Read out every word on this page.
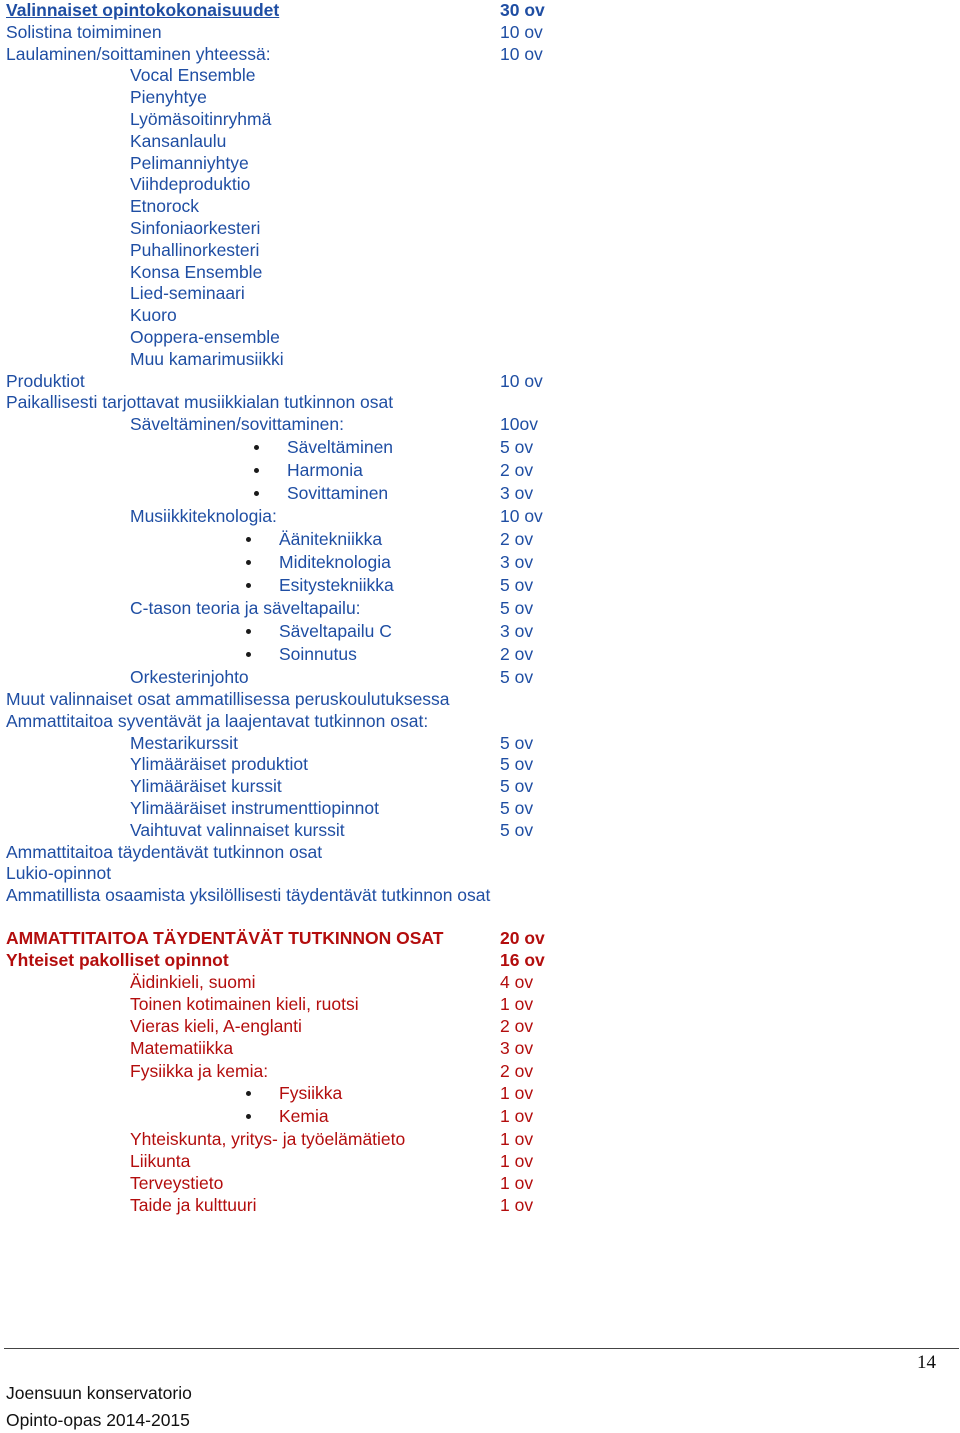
Valinnaiset opintokokonaisuudet	30 ov
Solistina toimiminen	10 ov
Laulaminen/soittaminen yhteessä:	10 ov
Vocal Ensemble
Pienyhtye
Lyömäsoitinryhmä
Kansanlaulu
Pelimanniyhtye
Viihdeproduktio
Etnorock
Sinfoniaorkesteri
Puhallinorkesteri
Konsa Ensemble
Lied-seminaari
Kuoro
Ooppera-ensemble
Muu kamarimusiikki
Produktiot	10 ov
Paikallisesti tarjottavat musiikkialan tutkinnon osat
Säveltäminen/sovittaminen:	10ov
Säveltäminen	5 ov
Harmonia	2 ov
Sovittaminen	3 ov
Musiikkiteknologia:	10 ov
Äänitekniikka	2 ov
Miditeknologia	3 ov
Esitystekniikka	5 ov
C-tason teoria ja säveltapailu:	5 ov
Säveltapailu C	3 ov
Soinnutus	2 ov
Orkesterinjohto	5 ov
Muut valinnaiset osat ammatillisessa peruskoulutuksessa
Ammattitaitoa syventävät ja laajentavat tutkinnon osat:
Mestarikurssit	5 ov
Ylimääräiset produktiot	5 ov
Ylimääräiset kurssit	5 ov
Ylimääräiset instrumenttiopinnot	5 ov
Vaihtuvat valinnaiset kurssit	5 ov
Ammattitaitoa täydentävät tutkinnon osat
Lukio-opinnot
Ammatillista osaamista yksilöllisesti täydentävät tutkinnon osat
AMMATTITAITOA TÄYDENTÄVÄT TUTKINNON OSAT	20 ov
Yhteiset pakolliset opinnot	16 ov
Äidinkieli, suomi	4 ov
Toinen kotimainen kieli, ruotsi	1 ov
Vieras kieli, A-englanti	2 ov
Matematiikka	3 ov
Fysiikka ja kemia:	2 ov
Fysiikka	1 ov
Kemia	1 ov
Yhteiskunta, yritys- ja työelämätieto	1 ov
Liikunta	1 ov
Terveystieto	1 ov
Taide ja kulttuuri	1 ov
14
Joensuun konservatorio
Opinto-opas 2014-2015
